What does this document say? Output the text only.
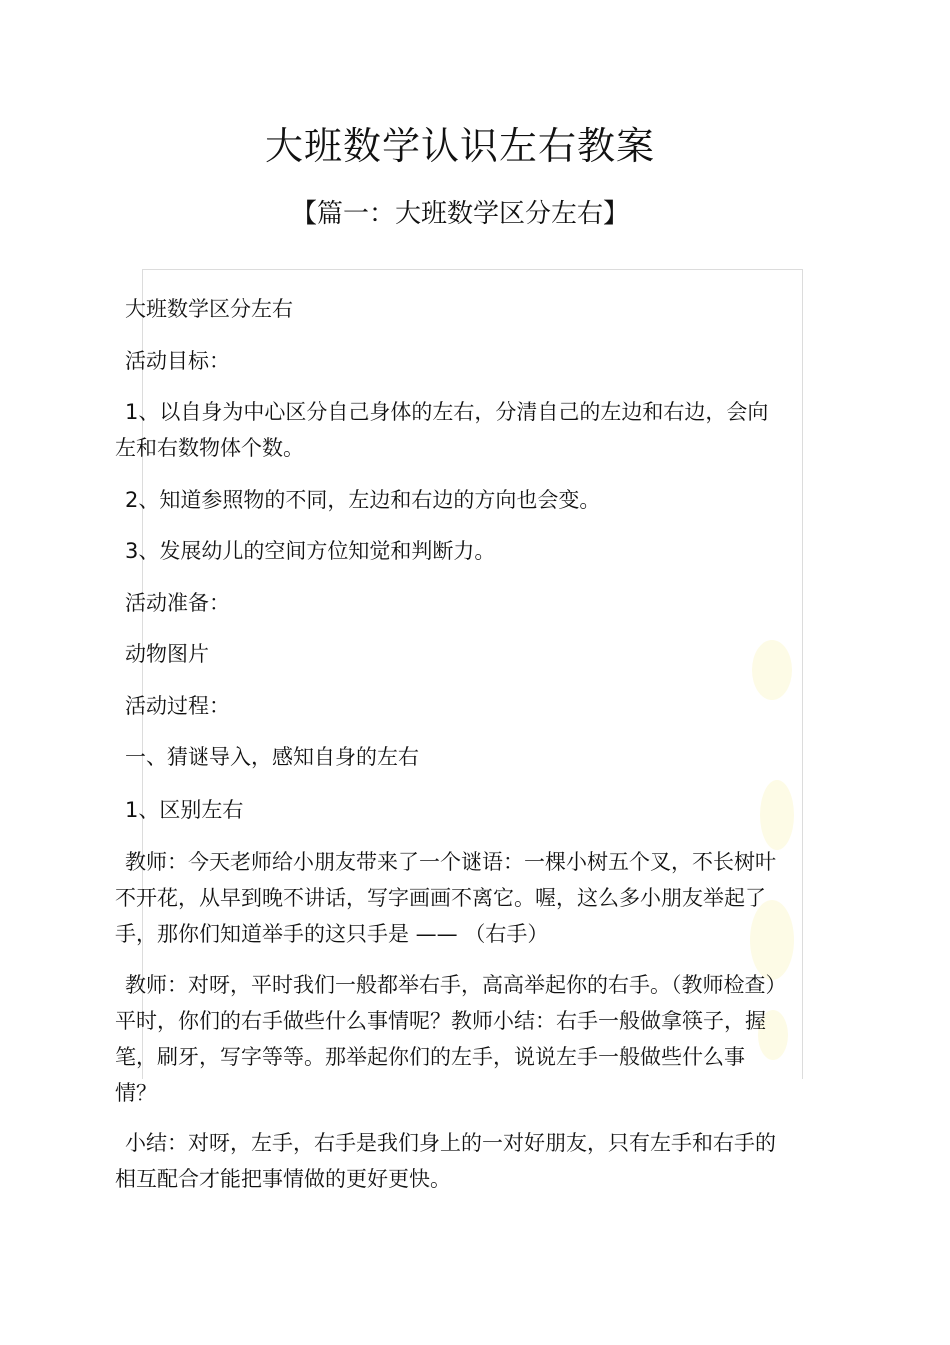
大班数学认识左右教案
【篇一：大班数学区分左右】

大班数学区分左右

活动目标：

1、以自身为中心区分自己身体的左右，分清自己的左边和右边，会向左和右数物体个数。

2、知道参照物的不同，左边和右边的方向也会变。

3、发展幼儿的空间方位知觉和判断力。

活动准备：

动物图片

活动过程：

一、猜谜导入，感知自身的左右

1、区别左右

教师：今天老师给小朋友带来了一个谜语：一棵小树五个叉，不长树叶不开花，从早到晚不讲话，写字画画不离它。喔，这么多小朋友举起了手，那你们知道举手的这只手是 —— （右手）

教师：对呀，平时我们一般都举右手，高高举起你的右手。（教师检查）平时，你们的右手做些什么事情呢？教师小结：右手一般做拿筷子，握笔，刷牙，写字等等。那举起你们的左手，说说左手一般做些什么事情？

小结：对呀，左手，右手是我们身上的一对好朋友，只有左手和右手的相互配合才能把事情做的更好更快。
